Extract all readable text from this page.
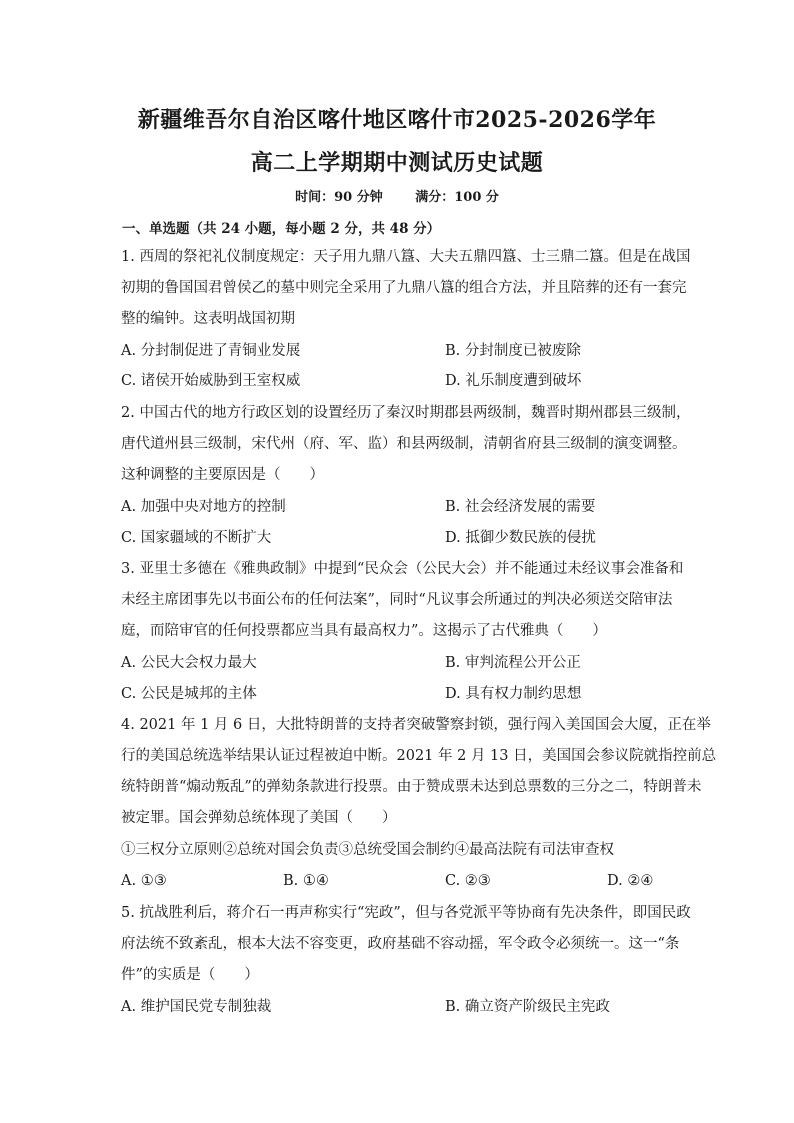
新疆维吾尔自治区喀什地区喀什市2025-2026学年
高二上学期期中测试历史试题
时间：90 分钟	满分：100 分
一、单选题（共 24 小题，每小题 2 分，共 48 分）
1. 西周的祭祀礼仪制度规定：天子用九鼎八簋、大夫五鼎四簋、士三鼎二簋。但是在战国
初期的鲁国国君曾侯乙的墓中则完全采用了九鼎八簋的组合方法，并且陪葬的还有一套完
整的编钟。这表明战国初期
A. 分封制促进了青铜业发展	B. 分封制度已被废除
C. 诸侯开始威胁到王室权威	D. 礼乐制度遭到破坏
2. 中国古代的地方行政区划的设置经历了秦汉时期郡县两级制，魏晋时期州郡县三级制，
唐代道州县三级制，宋代州（府、军、监）和县两级制，清朝省府县三级制的演变调整。
这种调整的主要原因是（　　）
A. 加强中央对地方的控制	B. 社会经济发展的需要
C. 国家疆域的不断扩大	D. 抵御少数民族的侵扰
3. 亚里士多德在《雅典政制》中提到“民众会（公民大会）并不能通过未经议事会准备和
未经主席团事先以书面公布的任何法案”，同时“凡议事会所通过的判决必须送交陪审法
庭，而陪审官的任何投票都应当具有最高权力”。这揭示了古代雅典（　　）
A. 公民大会权力最大	B. 审判流程公开公正
C. 公民是城邦的主体	D. 具有权力制约思想
4. 2021 年 1 月 6 日，大批特朗普的支持者突破警察封锁，强行闯入美国国会大厦，正在举
行的美国总统选举结果认证过程被迫中断。2021 年 2 月 13 日，美国国会参议院就指控前总
统特朗普“煽动叛乱”的弹劾条款进行投票。由于赞成票未达到总票数的三分之二，特朗普未
被定罪。国会弹劾总统体现了美国（　　）
①三权分立原则②总统对国会负责③总统受国会制约④最高法院有司法审查权
A. ①③	B. ①④	C. ②③	D. ②④
5. 抗战胜利后，蒋介石一再声称实行“宪政”，但与各党派平等协商有先决条件，即国民政
府法统不致紊乱，根本大法不容变更，政府基础不容动摇，军令政令必须统一。这一“条
件”的实质是（　　）
A. 维护国民党专制独裁	B. 确立资产阶级民主宪政
